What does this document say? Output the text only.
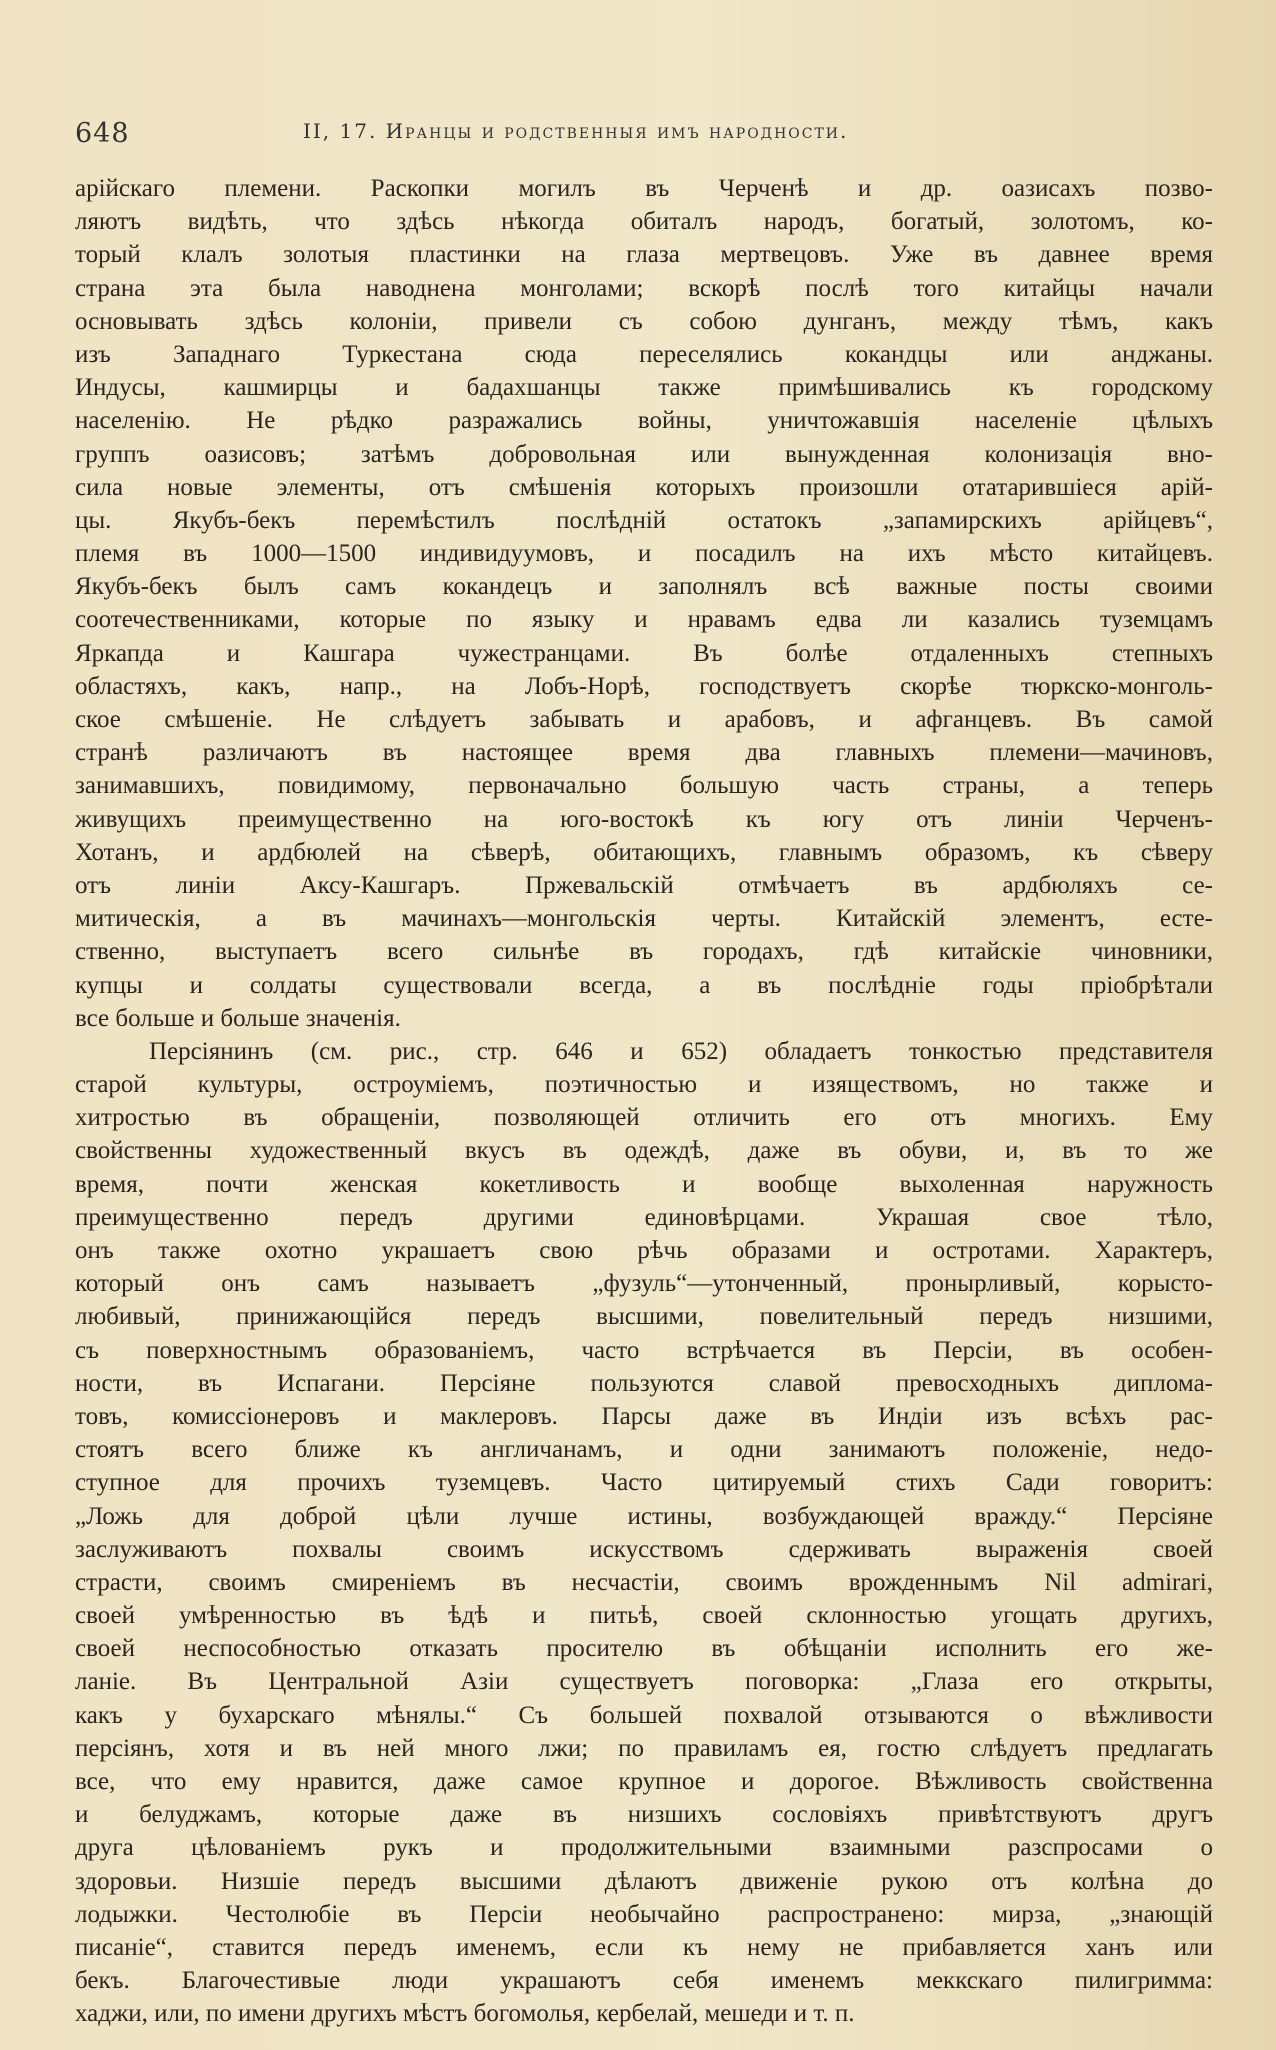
648	II, 17. Иранцы и родственныя имъ народности.
арійскаго племени. Раскопки могилъ въ Черченѣ и др. оазисахъ позво-
ляютъ видѣть, что здѣсь нѣкогда обиталъ народъ, богатый, золотомъ, ко-
торый клалъ золотыя пластинки на глаза мертвецовъ. Уже въ давнее время
страна эта была наводнена монголами; вскорѣ послѣ того китайцы начали
основывать здѣсь колоніи, привели съ собою дунганъ, между тѣмъ, какъ
изъ Западнаго Туркестана сюда переселялись кокандцы или анджаны.
Индусы, кашмирцы и бадахшанцы также примѣшивались къ городскому
населенію. Не рѣдко разражались войны, уничтожавшія населеніе цѣлыхъ
группъ оазисовъ; затѣмъ добровольная или вынужденная колонизація вно-
сила новые элементы, отъ смѣшенія которыхъ произошли отатарившіеся арій-
цы. Якубъ-бекъ перемѣстилъ послѣдній остатокъ „запамирскихъ арійцевъ“,
племя въ 1000—1500 индивидуумовъ, и посадилъ на ихъ мѣсто китайцевъ.
Якубъ-бекъ былъ самъ кокандецъ и заполнялъ всѣ важные посты своими
соотечественниками, которые по языку и нравамъ едва ли казались туземцамъ
Яркапда и Кашгара чужестранцами. Въ болѣе отдаленныхъ степныхъ
областяхъ, какъ, напр., на Лобъ-Норѣ, господствуетъ скорѣе тюркско-монголь-
ское смѣшеніе. Не слѣдуетъ забывать и арабовъ, и афганцевъ. Въ самой
странѣ различаютъ въ настоящее время два главныхъ племени—мачиновъ,
занимавшихъ, повидимому, первоначально большую часть страны, а теперь
живущихъ преимущественно на юго-востокѣ къ югу отъ линіи Черченъ-
Хотанъ, и ардбюлей на сѣверѣ, обитающихъ, главнымъ образомъ, къ сѣверу
отъ линіи Аксу-Кашгаръ. Пржевальскій отмѣчаетъ въ ардбюляхъ се-
митическія, а въ мачинахъ—монгольскія черты. Китайскій элементъ, есте-
ственно, выступаетъ всего сильнѣе въ городахъ, гдѣ китайскіе чиновники,
купцы и солдаты существовали всегда, а въ послѣдніе годы пріобрѣтали
все больше и больше значенія.
Персіянинъ (см. рис., стр. 646 и 652) обладаетъ тонкостью представителя
старой культуры, остроуміемъ, поэтичностью и изяществомъ, но также и
хитростью въ обращеніи, позволяющей отличить его отъ многихъ. Ему
свойственны художественный вкусъ въ одеждѣ, даже въ обуви, и, въ то же
время, почти женская кокетливость и вообще выхоленная наружность
преимущественно передъ другими единовѣрцами. Украшая свое тѣло,
онъ также охотно украшаетъ свою рѣчь образами и остротами. Характеръ,
который онъ самъ называетъ „фузуль“—утонченный, пронырливый, корысто-
любивый, принижающійся передъ высшими, повелительный передъ низшими,
съ поверхностнымъ образованіемъ, часто встрѣчается въ Персіи, въ особен-
ности, въ Испагани. Персіяне пользуются славой превосходныхъ диплома-
товъ, комиссіонеровъ и маклеровъ. Парсы даже въ Индіи изъ всѣхъ рас-
стоятъ всего ближе къ англичанамъ, и одни занимаютъ положеніе, недо-
ступное для прочихъ туземцевъ. Часто цитируемый стихъ Сади говоритъ:
„Ложь для доброй цѣли лучше истины, возбуждающей вражду.“ Персіяне
заслуживаютъ похвалы своимъ искусствомъ сдерживать выраженія своей
страсти, своимъ смиреніемъ въ несчастіи, своимъ врожденнымъ Nil admirari,
своей умѣренностью въ ѣдѣ и питьѣ, своей склонностью угощать другихъ,
своей неспособностью отказать просителю въ обѣщаніи исполнить его же-
ланіе. Въ Центральной Азіи существуетъ поговорка: „Глаза его открыты,
какъ у бухарскаго мѣнялы.“ Съ большей похвалой отзываются о вѣжливости
персіянъ, хотя и въ ней много лжи; по правиламъ ея, гостю слѣдуетъ предлагать
все, что ему нравится, даже самое крупное и дорогое. Вѣжливость свойственна
и белуджамъ, которые даже въ низшихъ сословіяхъ привѣтствуютъ другъ
друга цѣлованіемъ рукъ и продолжительными взаимными разспросами о
здоровьи. Низшіе передъ высшими дѣлаютъ движеніе рукою отъ колѣна до
лодыжки. Честолюбіе въ Персіи необычайно распространено: мирза, „знающій
писаніе“, ставится передъ именемъ, если къ нему не прибавляется ханъ или
бекъ. Благочестивые люди украшаютъ себя именемъ меккскаго пилигримма:
хаджи, или, по имени другихъ мѣстъ богомолья, кербелай, мешеди и т. п.
